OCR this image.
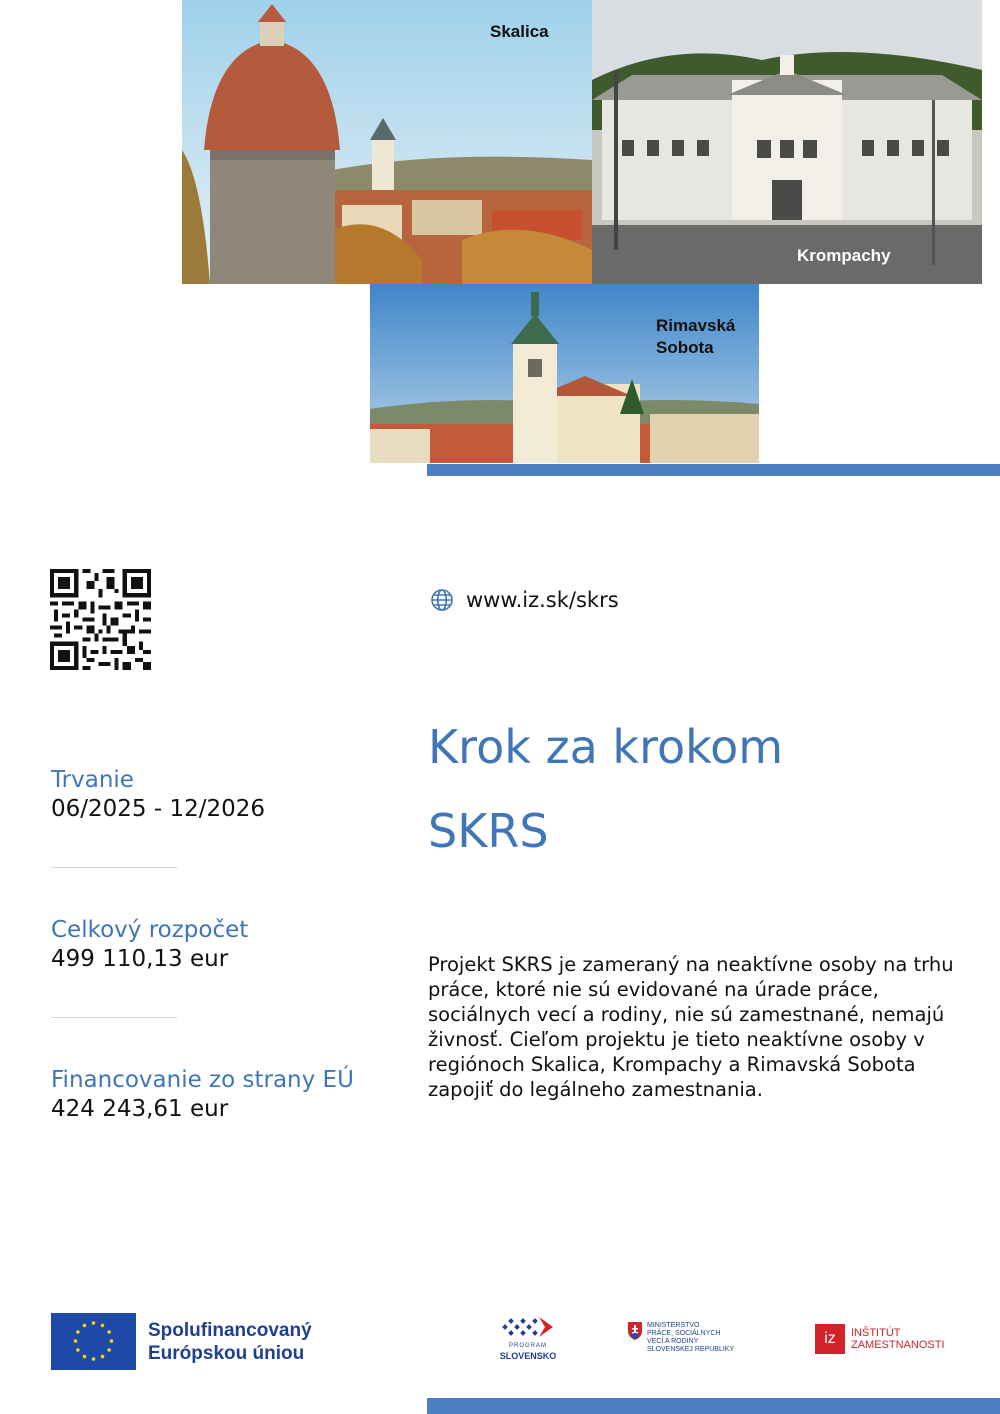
Skalica
Krompachy
Rimavská Sobota
www.iz.sk/skrs
Krok za krokom
SKRS
Trvanie
06/2025 - 12/2026
Celkový rozpočet
499 110,13 eur
Financovanie zo strany EÚ
424 243,61 eur
Projekt SKRS je zameraný na neaktívne osoby na trhu práce, ktoré nie sú evidované na úrade práce, sociálnych vecí a rodiny, nie sú zamestnané, nemajú živnosť. Cieľom projektu je tieto neaktívne osoby v regiónoch Skalica, Krompachy a Rimavská Sobota zapojiť do legálneho zamestnania.
Spolufinancovaný
Európskou úniou	PROGRAM
SLOVENSKO
MINISTERSTVO
PRÁCE, SOCIÁLNYCH
VECÍ A RODINY
SLOVENSKEJ REPUBLIKY
iz	INŠTITÚT
ZAMESTNANOSTI
